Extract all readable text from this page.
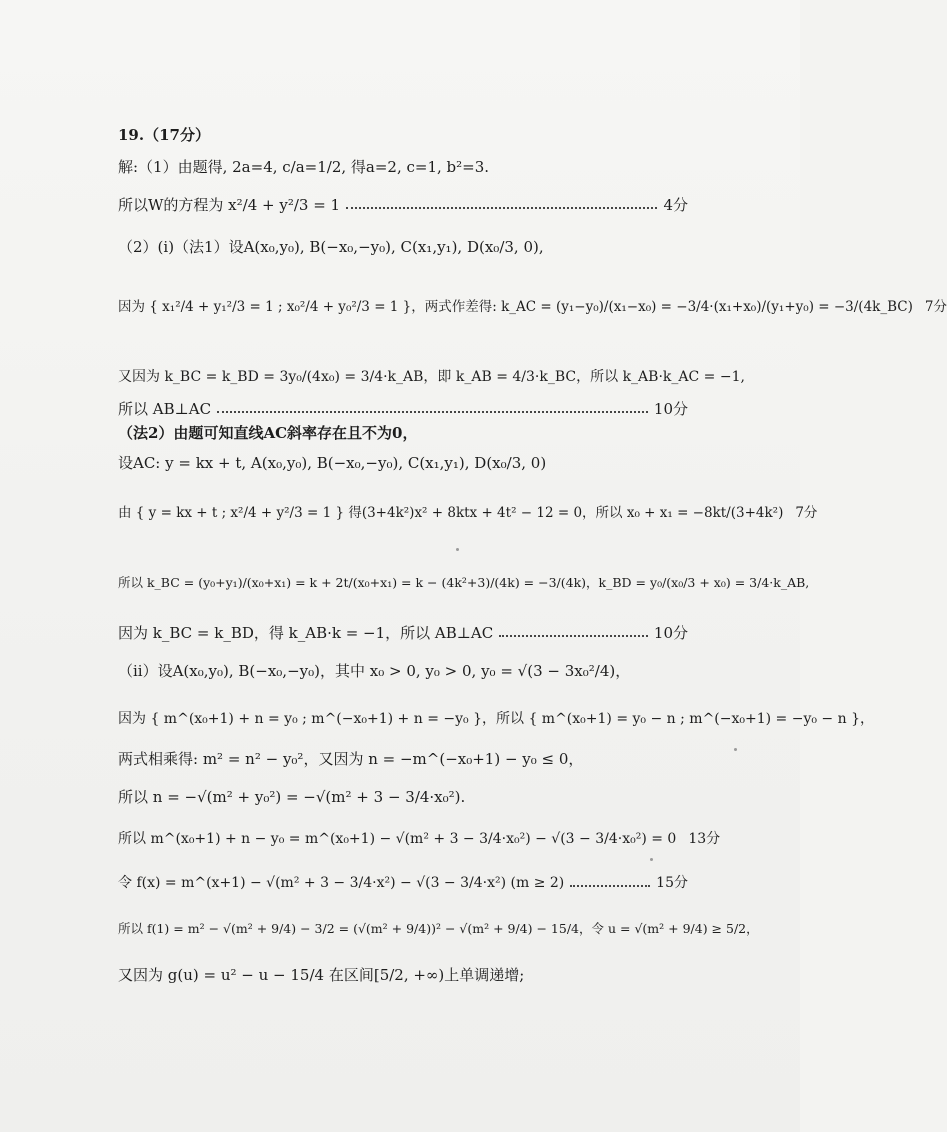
19.（17分）
解:（1）由题得, 2a=4, c/a=1/2, 得a=2, c=1, b²=3.
所以W的方程为 x²/4 + y²/3 = 1	4分
（2）(i)（法1）设A(x₀,y₀), B(−x₀,−y₀), C(x₁,y₁), D(x₀/3, 0),
因为 { x₁²/4 + y₁²/3 = 1 ; x₀²/4 + y₀²/3 = 1 }，两式作差得: k_AC = (y₁−y₀)/(x₁−x₀) = −3/4·(x₁+x₀)/(y₁+y₀) = −3/(4k_BC) 7分
又因为 k_BC = k_BD = 3y₀/(4x₀) = 3/4·k_AB，即 k_AB = 4/3·k_BC，所以 k_AB·k_AC = −1,
所以 AB⊥AC	10分
（法2）由题可知直线AC斜率存在且不为0，
设AC: y = kx + t, A(x₀,y₀), B(−x₀,−y₀), C(x₁,y₁), D(x₀/3, 0)
由 { y = kx + t ; x²/4 + y²/3 = 1 } 得(3+4k²)x² + 8ktx + 4t² − 12 = 0，所以 x₀ + x₁ = −8kt/(3+4k²) 7分
所以 k_BC = (y₀+y₁)/(x₀+x₁) = k + 2t/(x₀+x₁) = k − (4k²+3)/(4k) = −3/(4k)，k_BD = y₀/(x₀/3 + x₀) = 3/4·k_AB,
因为 k_BC = k_BD，得 k_AB·k = −1，所以 AB⊥AC	10分
（ii）设A(x₀,y₀), B(−x₀,−y₀)，其中 x₀ > 0, y₀ > 0, y₀ = √(3 − 3x₀²/4)，
因为 { m^(x₀+1) + n = y₀ ; m^(−x₀+1) + n = −y₀ }，所以 { m^(x₀+1) = y₀ − n ; m^(−x₀+1) = −y₀ − n }，
两式相乘得: m² = n² − y₀²，又因为 n = −m^(−x₀+1) − y₀ ≤ 0，
所以 n = −√(m² + y₀²) = −√(m² + 3 − 3/4·x₀²).
所以 m^(x₀+1) + n − y₀ = m^(x₀+1) − √(m² + 3 − 3/4·x₀²) − √(3 − 3/4·x₀²) = 0 13分
令 f(x) = m^(x+1) − √(m² + 3 − 3/4·x²) − √(3 − 3/4·x²) (m ≥ 2)	15分
所以 f(1) = m² − √(m² + 9/4) − 3/2 = (√(m² + 9/4))² − √(m² + 9/4) − 15/4，令 u = √(m² + 9/4) ≥ 5/2，
又因为 g(u) = u² − u − 15/4 在区间[5/2, +∞)上单调递增;
